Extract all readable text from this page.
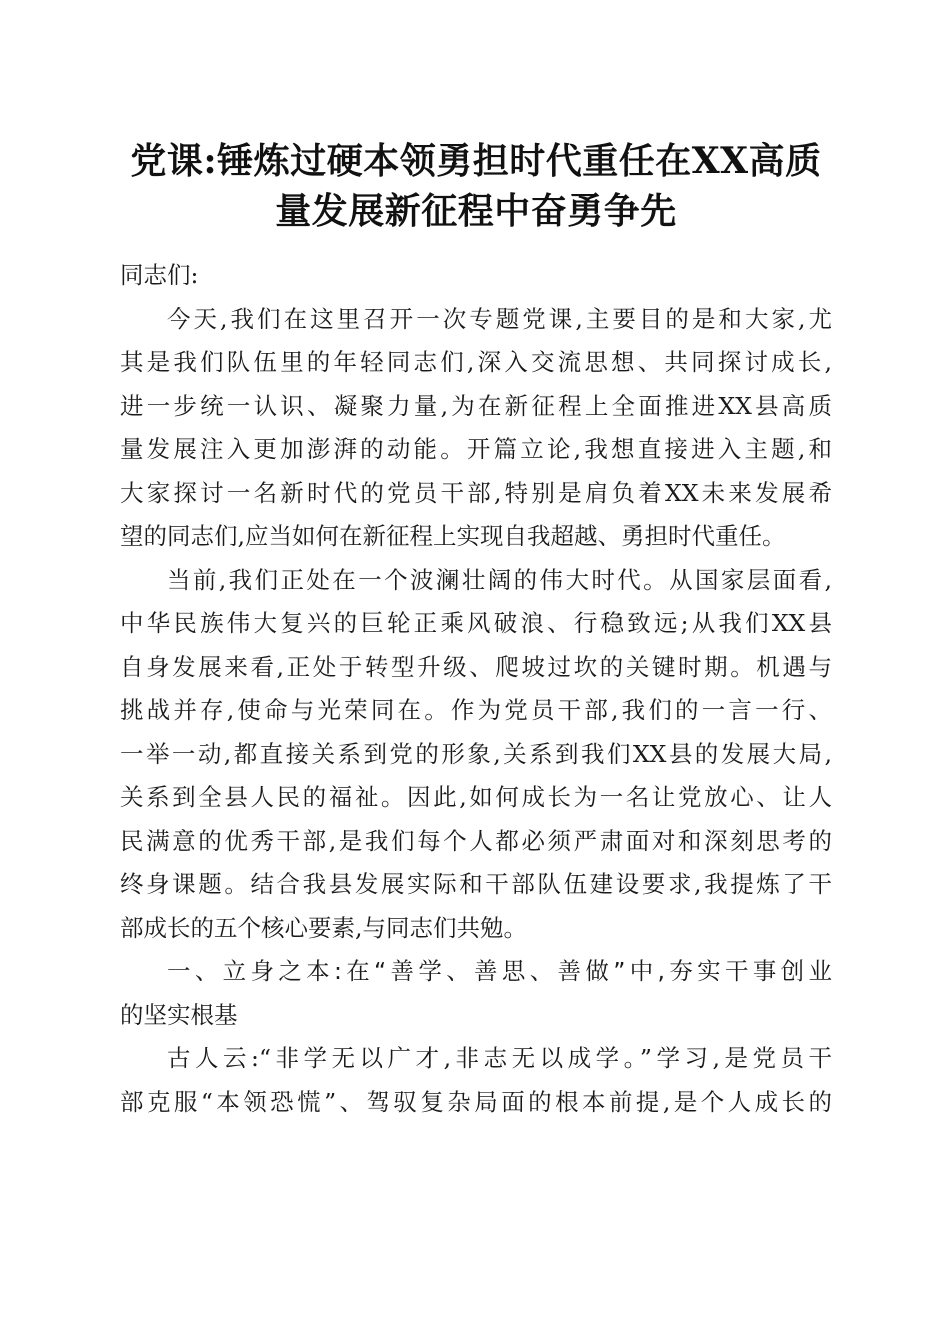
党课:锤炼过硬本领勇担时代重任在XX高质
量发展新征程中奋勇争先
同志们:
今天,我们在这里召开一次专题党课,主要目的是和大家,尤
其是我们队伍里的年轻同志们,深入交流思想、共同探讨成长,
进一步统一认识、凝聚力量,为在新征程上全面推进XX县高质
量发展注入更加澎湃的动能。开篇立论,我想直接进入主题,和
大家探讨一名新时代的党员干部,特别是肩负着XX未来发展希
望的同志们,应当如何在新征程上实现自我超越、勇担时代重任。
当前,我们正处在一个波澜壮阔的伟大时代。从国家层面看,
中华民族伟大复兴的巨轮正乘风破浪、行稳致远;从我们XX县
自身发展来看,正处于转型升级、爬坡过坎的关键时期。机遇与
挑战并存,使命与光荣同在。作为党员干部,我们的一言一行、
一举一动,都直接关系到党的形象,关系到我们XX县的发展大局,
关系到全县人民的福祉。因此,如何成长为一名让党放心、让人
民满意的优秀干部,是我们每个人都必须严肃面对和深刻思考的
终身课题。结合我县发展实际和干部队伍建设要求,我提炼了干
部成长的五个核心要素,与同志们共勉。
一、立身之本:在“善学、善思、善做”中,夯实干事创业
的坚实根基
古人云:“非学无以广才,非志无以成学。”学习,是党员干
部克服“本领恐慌”、驾驭复杂局面的根本前提,是个人成长的
